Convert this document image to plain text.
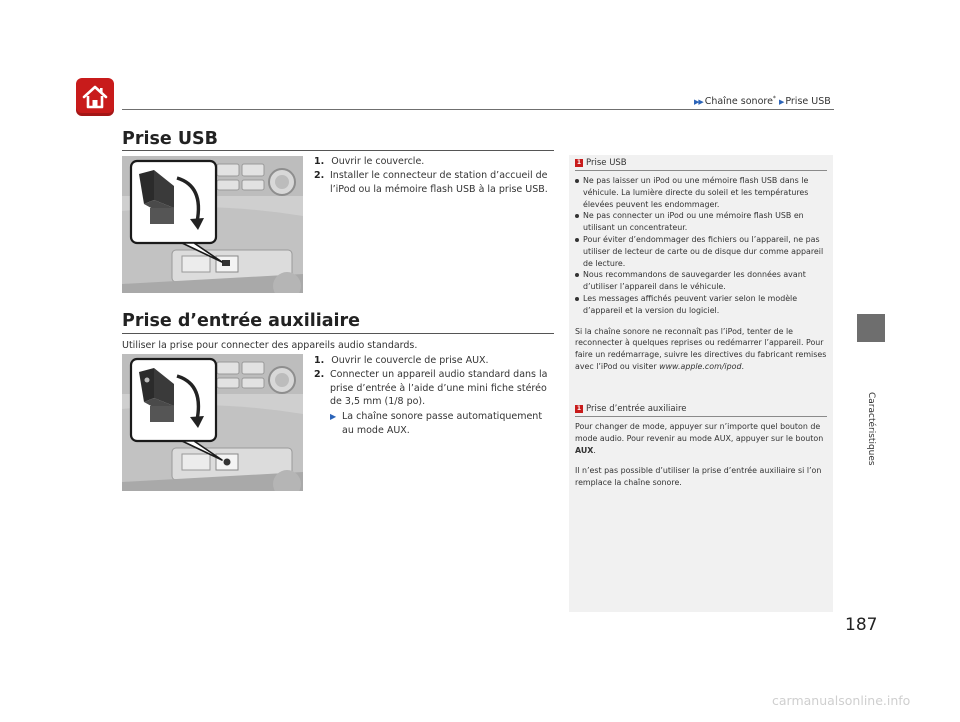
▶▶ Chaîne sonore* ▶ Prise USB
Caractéristiques
Prise USB
1. Ouvrir le couvercle.
2. Installer le connecteur de station d’accueil de l’iPod ou la mémoire flash USB à la prise USB.
Prise d’entrée auxiliaire
Utiliser la prise pour connecter des appareils audio standards.
1. Ouvrir le couvercle de prise AUX.
2. Connecter un appareil audio standard dans la prise d’entrée à l’aide d’une mini fiche stéréo de 3,5 mm (1/8 po).
▶ La chaîne sonore passe automatiquement au mode AUX.
1 Prise USB
Ne pas laisser un iPod ou une mémoire flash USB dans le véhicule. La lumière directe du soleil et les températures élevées peuvent les endommager.
Ne pas connecter un iPod ou une mémoire flash USB en utilisant un concentrateur.
Pour éviter d’endommager des fichiers ou l’appareil, ne pas utiliser de lecteur de carte ou de disque dur comme appareil de lecture.
Nous recommandons de sauvegarder les données avant d’utiliser l’appareil dans le véhicule.
Les messages affichés peuvent varier selon le modèle d’appareil et la version du logiciel.
Si la chaîne sonore ne reconnaît pas l’iPod, tenter de le reconnecter à quelques reprises ou redémarrer l’appareil. Pour faire un redémarrage, suivre les directives du fabricant remises avec l’iPod ou visiter www.apple.com/ipod.
1 Prise d’entrée auxiliaire
Pour changer de mode, appuyer sur n’importe quel bouton de mode audio. Pour revenir au mode AUX, appuyer sur le bouton AUX.
Il n’est pas possible d’utiliser la prise d’entrée auxiliaire si l’on remplace la chaîne sonore.
187
carmanualsonline.info
